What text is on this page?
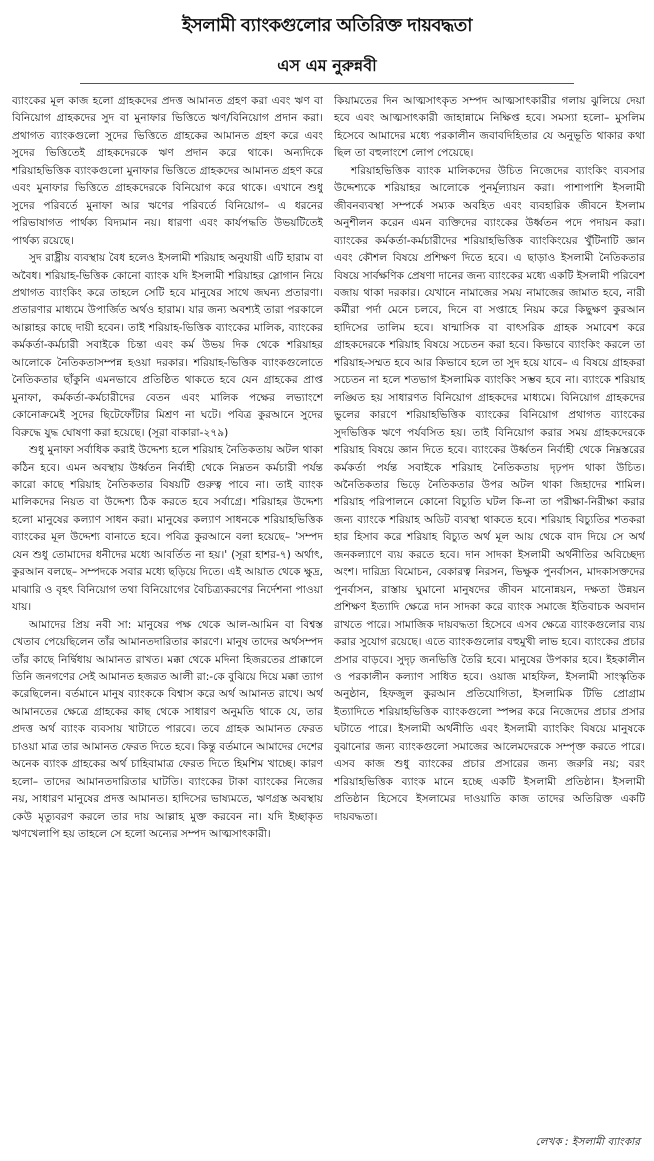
ইসলামী ব্যাংকগুলোর অতিরিক্ত দায়বদ্ধতা
এস এম নুরুন্নবী

ব্যাংকের মূল কাজ হলো গ্রাহকদের প্রদত্ত আমানত গ্রহণ করা এবং ঋণ বা বিনিয়োগ গ্রাহকদের সুদ বা মুনাফার ভিত্তিতে ঋণ/বিনিয়োগ প্রদান করা। প্রথাগত ব্যাংকগুলো সুদের ভিত্তিতে গ্রাহকের আমানত গ্রহণ করে এবং সুদের ভিত্তিতেই গ্রাহকদেরকে ঋণ প্রদান করে থাকে। অন্যদিকে শরিয়াহভিত্তিক ব্যাংকগুলো মুনাফার ভিত্তিতে গ্রাহকদের আমানত গ্রহণ করে এবং মুনাফার ভিত্তিতে গ্রাহকদেরকে বিনিয়োগ করে থাকে। এখানে শুধু সুদের পরিবর্তে মুনাফা আর ঋণের পরিবর্তে বিনিয়োগ– এ ধরনের পরিভাষাগত পার্থক্য বিদ্যমান নয়। ধারণা এবং কার্যপদ্ধতি উভয়টিতেই পার্থক্য রয়েছে।

সুদ রাষ্ট্রীয় ব্যবস্থায় বৈধ হলেও ইসলামী শরিয়াহ অনুযায়ী এটি হারাম বা অবৈধ। শরিয়াহ-ভিত্তিক কোনো ব্যাংক যদি ইসলামী শরিয়াহর স্লোগান নিয়ে প্রথাগত ব্যাংকিং করে তাহলে সেটি হবে মানুষের সাথে জঘন্য প্রতারণা। প্রতারণার মাধ্যমে উপার্জিত অর্থও হারাম। যার জন্য অবশ্যই তারা পরকালে আল্লাহর কাছে দায়ী হবেন। তাই শরিয়াহ-ভিত্তিক ব্যাংকের মালিক, ব্যাংকের কর্মকর্তা-কর্মচারী সবাইকে চিন্তা এবং কর্ম উভয় দিক থেকে শরিয়াহর আলোকে নৈতিকতাসম্পন্ন হওয়া দরকার। শরিয়াহ-ভিত্তিক ব্যাংকগুলোতে নৈতিকতার ছাঁকুনি এমনভাবে প্রতিষ্ঠিত থাকতে হবে যেন গ্রাহকের প্রাপ্ত মুনাফা, কর্মকর্তা-কর্মচারীদের বেতন এবং মালিক পক্ষের লভ্যাংশে কোনোক্রমেই সুদের ছিটেফোঁটার মিশ্রণ না ঘটে। পবিত্র কুরআনে সুদের বিরুদ্ধে যুদ্ধ ঘোষণা করা হয়েছে। (সূরা বাকারা-২৭৯)

শুধু মুনাফা সর্বাধিক করাই উদ্দেশ্য হলে শরিয়াহ নৈতিকতায় অটল থাকা কঠিন হবে। এমন অবস্থায় উর্ধ্বতন নির্বাহী থেকে নিম্নতন কর্মচারী পর্যন্ত কারো কাছে শরিয়াহ নৈতিকতার বিষয়টি গুরুত্ব পাবে না। তাই ব্যাংক মালিকদের নিয়ত বা উদ্দেশ্য ঠিক করতে হবে সর্বাগ্রে। শরিয়াহর উদ্দেশ্য হলো মানুষের কল্যাণ সাধন করা। মানুষের কল্যাণ সাধনকে শরিয়াহভিত্তিক ব্যাংকের মূল উদ্দেশ্য বানাতে হবে। পবিত্র কুরআনে বলা হয়েছে– 'সম্পদ যেন শুধু তোমাদের ধনীদের মধ্যে আবর্তিত না হয়।' (সূরা হাশর-৭) অর্থাৎ, কুরআন বলছে– সম্পদকে সবার মধ্যে ছড়িয়ে দিতে। এই আয়াত থেকে ক্ষুদ্র, মাঝারি ও বৃহৎ বিনিয়োগ তথা বিনিয়োগের বৈচিত্র্যকরণের নির্দেশনা পাওয়া যায়।

আমাদের প্রিয় নবী সা: মানুষের পক্ষ থেকে আল-আমিন বা বিশ্বস্ত খেতাব পেয়েছিলেন তাঁর আমানতদারিতার কারণে। মানুষ তাদের অর্থসম্পদ তাঁর কাছে নির্দ্বিধায় আমানত রাখত। মক্কা থেকে মদিনা হিজরতের প্রাক্কালে তিনি জনগণের সেই আমানত হজরত আলী রা:-কে বুঝিয়ে দিয়ে মক্কা ত্যাগ করেছিলেন। বর্তমানে মানুষ ব্যাংককে বিশ্বাস করে অর্থ আমানত রাখে। অর্থ আমানতের ক্ষেত্রে গ্রাহকের কাছ থেকে সাধারণ অনুমতি থাকে যে, তার প্রদত্ত অর্থ ব্যাংক ব্যবসায় খাটাতে পারবে। তবে গ্রাহক আমানত ফেরত চাওয়া মাত্র তার আমানত ফেরত দিতে হবে। কিন্তু বর্তমানে আমাদের দেশের অনেক ব্যাংক গ্রাহকের অর্থ চাহিবামাত্র ফেরত দিতে হিমশিম খাচ্ছে। কারণ হলো– তাদের আমানতদারিতার ঘাটতি। ব্যাংকের টাকা ব্যাংকের নিজের নয়, সাধারণ মানুষের প্রদত্ত আমানত। হাদিসের ভাষ্যমতে, ঋণগ্রস্ত অবস্থায় কেউ মৃত্যুবরণ করলে তার দায় আল্লাহ মুক্ত করবেন না। যদি ইচ্ছাকৃত ঋণখেলাপি হয় তাহলে সে হলো অন্যের সম্পদ আত্মসাৎকারী।

কিয়ামতের দিন আত্মসাৎকৃত সম্পদ আত্মসাৎকারীর গলায় ঝুলিয়ে দেয়া হবে এবং আত্মসাৎকারী জাহান্নামে নিক্ষিপ্ত হবে। সমস্যা হলো– মুসলিম হিসেবে আমাদের মধ্যে পরকালীন জবাবদিহিতার যে অনুভূতি থাকার কথা ছিল তা বহুলাংশে লোপ পেয়েছে।

শরিয়াহভিত্তিক ব্যাংক মালিকদের উচিত নিজেদের ব্যাংকিং ব্যবসার উদ্দেশ্যকে শরিয়াহর আলোকে পুনর্মূল্যায়ন করা। পাশাপাশি ইসলামী জীবনব্যবস্থা সম্পর্কে সম্যক অবহিত এবং ব্যবহারিক জীবনে ইসলাম অনুশীলন করেন এমন ব্যক্তিদের ব্যাংকের উর্ধ্বতন পদে পদায়ন করা। ব্যাংকের কর্মকর্তা-কর্মচারীদের শরিয়াহভিত্তিক ব্যাংকিংয়ের খুঁটিনাটি জ্ঞান এবং কৌশল বিষয়ে প্রশিক্ষণ দিতে হবে। এ ছাড়াও ইসলামী নৈতিকতার বিষয়ে সার্বক্ষণিক প্রেষণা দানের জন্য ব্যাংকের মধ্যে একটি ইসলামী পরিবেশ বজায় থাকা দরকার। যেখানে নামাজের সময় নামাজের জামাত হবে, নারী কর্মীরা পর্দা মেনে চলবে, দিনে বা সপ্তাহে নিয়ম করে কিছুক্ষণ কুরআন হাদিসের তালিম হবে। ষান্মাসিক বা বাৎসরিক গ্রাহক সমাবেশ করে গ্রাহকদেরকে শরিয়াহ বিষয়ে সচেতন করা হবে। কিভাবে ব্যাংকিং করলে তা শরিয়াহ-সম্মত হবে আর কিভাবে হলে তা সুদ হয়ে যাবে– এ বিষয়ে গ্রাহকরা সচেতন না হলে শতভাগ ইসলামিক ব্যাংকিং সম্ভব হবে না। ব্যাংকে শরিয়াহ লঙ্ঘিত হয় সাধারণত বিনিয়োগ গ্রাহকদের মাধ্যমে। বিনিয়োগ গ্রাহকদের ভুলের কারণে শরিয়াহভিত্তিক ব্যাংকের বিনিয়োগ প্রথাগত ব্যাংকের সুদভিত্তিক ঋণে পর্যবসিত হয়। তাই বিনিয়োগ করার সময় গ্রাহকদেরকে শরিয়াহ বিষয়ে জ্ঞান দিতে হবে। ব্যাংকের উর্ধ্বতন নির্বাহী থেকে নিম্নস্তরের কর্মকর্তা পর্যন্ত সবাইকে শরিয়াহ নৈতিকতায় দৃঢ়পদ থাকা উচিত। অনৈতিকতার ভিড়ে নৈতিকতার উপর অটল থাকা জিহাদের শামিল। শরিয়াহ পরিপালনে কোনো বিচ্যুতি ঘটল কি-না তা পরীক্ষা-নিরীক্ষা করার জন্য ব্যাংকে শরিয়াহ অডিট ব্যবস্থা থাকতে হবে। শরিয়াহ বিচ্যুতির শতকরা হার হিসাব করে শরিয়াহ বিচ্যুত অর্থ মূল আয় থেকে বাদ দিয়ে সে অর্থ জনকল্যাণে ব্যয় করতে হবে। দান সাদকা ইসলামী অর্থনীতির অবিচ্ছেদ্য অংশ। দারিদ্র্য বিমোচন, বেকারত্ব নিরসন, ভিক্ষুক পুনর্বাসন, মাদকাসক্তদের পুনর্বাসন, রাস্তায় ঘুমানো মানুষদের জীবন মানোন্নয়ন, দক্ষতা উন্নয়ন প্রশিক্ষণ ইত্যাদি ক্ষেত্রে দান সাদকা করে ব্যাংক সমাজে ইতিবাচক অবদান রাখতে পারে। সামাজিক দায়বদ্ধতা হিসেবে এসব ক্ষেত্রে ব্যাংকগুলোর ব্যয় করার সুযোগ রয়েছে। এতে ব্যাংকগুলোর বহুমুখী লাভ হবে। ব্যাংকের প্রচার প্রসার বাড়বে। সুদৃঢ় জনভিত্তি তৈরি হবে। মানুষের উপকার হবে। ইহকালীন ও পরকালীন কল্যাণ সাধিত হবে। ওয়াজ মাহফিল, ইসলামী সাংস্কৃতিক অনুষ্ঠান, হিফজুল কুরআন প্রতিযোগিতা, ইসলামিক টিভি প্রোগ্রাম ইত্যাদিতে শরিয়াহভিত্তিক ব্যাংকগুলো স্পন্সর করে নিজেদের প্রচার প্রসার ঘটাতে পারে। ইসলামী অর্থনীতি এবং ইসলামী ব্যাংকিং বিষয়ে মানুষকে বুঝানোর জন্য ব্যাংকগুলো সমাজের আলেমদেরকে সম্পৃক্ত করতে পারে। এসব কাজ শুধু ব্যাংকের প্রচার প্রসারের জন্য জরুরি নয়; বরং শরিয়াহভিত্তিক ব্যাংক মানে হচ্ছে একটি ইসলামী প্রতিষ্ঠান। ইসলামী প্রতিষ্ঠান হিসেবে ইসলামের দাওয়াতি কাজ তাদের অতিরিক্ত একটি দায়বদ্ধতা।

লেখক : ইসলামী ব্যাংকার
